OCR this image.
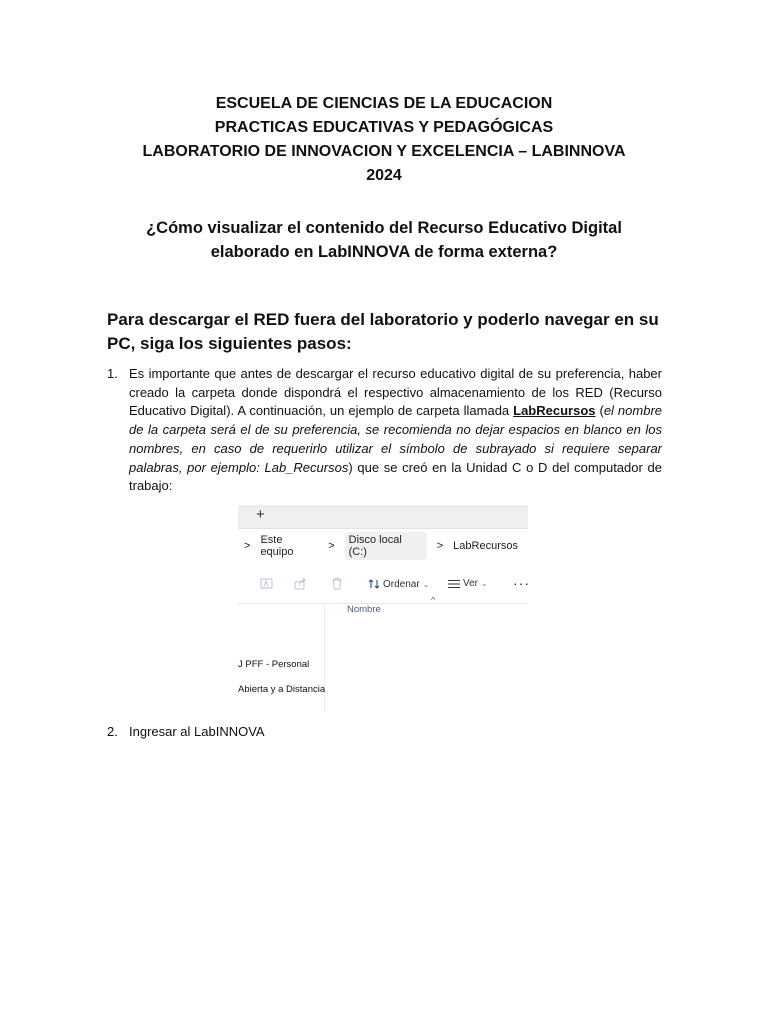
ESCUELA DE CIENCIAS DE LA EDUCACION
PRACTICAS EDUCATIVAS Y PEDAGÓGICAS
LABORATORIO DE INNOVACION Y EXCELENCIA – LABINNOVA
2024
¿Cómo visualizar el contenido del Recurso Educativo Digital
elaborado en LabINNOVA de forma externa?
Para descargar el RED fuera del laboratorio y poderlo navegar en su PC, siga los siguientes pasos:
1. Es importante que antes de descargar el recurso educativo digital de su preferencia, haber creado la carpeta donde dispondrá el respectivo almacenamiento de los RED (Recurso Educativo Digital). A continuación, un ejemplo de carpeta llamada LabRecursos (el nombre de la carpeta será el de su preferencia, se recomienda no dejar espacios en blanco en los nombres, en caso de requerirlo utilizar el símbolo de subrayado si requiere separar palabras, por ejemplo: Lab_Recursos) que se creó en la Unidad C o D del computador de trabajo:
+
> Este equipo	>	Disco local (C:)	> LabRecursos
Ordenar ⌄	Ver ⌄ ···
^
Nombre
J PFF - Personal
Abierta y a Distancia
2. Ingresar al LabINNOVA
